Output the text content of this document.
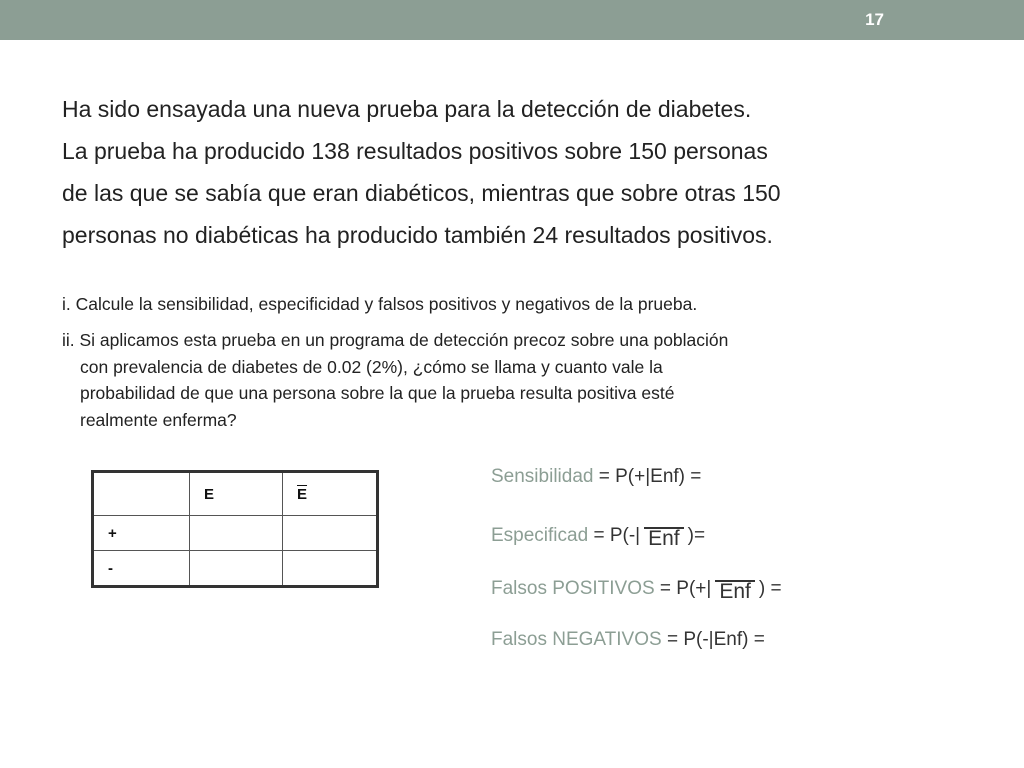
17

Ha sido ensayada una nueva prueba para la detección de diabetes.

La prueba ha producido 138 resultados positivos sobre 150 personas

de las que se sabía que eran diabéticos, mientras que sobre otras 150

personas no diabéticas ha producido también 24 resultados positivos.

i. Calcule la sensibilidad, especificidad y falsos positivos y negativos de la prueba.
ii. Si aplicamos esta prueba en un programa de detección precoz sobre una población
con prevalencia de diabetes de 0.02 (2%), ¿cómo se llama y cuanto vale la
probabilidad de que una persona sobre la que la prueba resulta positiva esté
realmente enferma?
	E	$\overline{E}$
+		
-		
Sensibilidad = P(+|Enf) =
Especificad = P(-| Enf )=
Falsos POSITIVOS = P(+| Enf ) =
Falsos NEGATIVOS = P(-|Enf) =
